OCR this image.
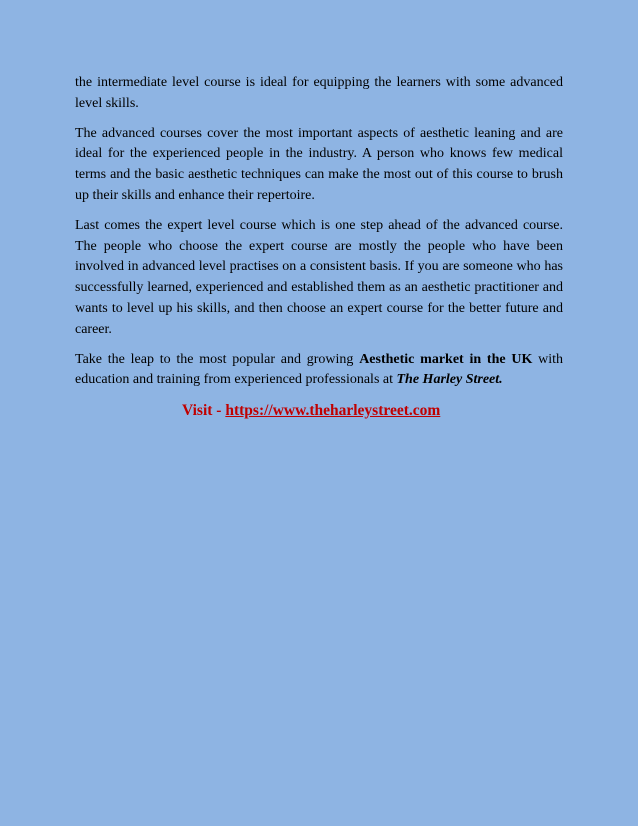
the intermediate level course is ideal for equipping the learners with some advanced level skills.

The advanced courses cover the most important aspects of aesthetic leaning and are ideal for the experienced people in the industry. A person who knows few medical terms and the basic aesthetic techniques can make the most out of this course to brush up their skills and enhance their repertoire.

Last comes the expert level course which is one step ahead of the advanced course. The people who choose the expert course are mostly the people who have been involved in advanced level practises on a consistent basis. If you are someone who has successfully learned, experienced and established them as an aesthetic practitioner and wants to level up his skills, and then choose an expert course for the better future and career.

Take the leap to the most popular and growing Aesthetic market in the UK with education and training from experienced professionals at The Harley Street.

Visit - https://www.theharleystreet.com
